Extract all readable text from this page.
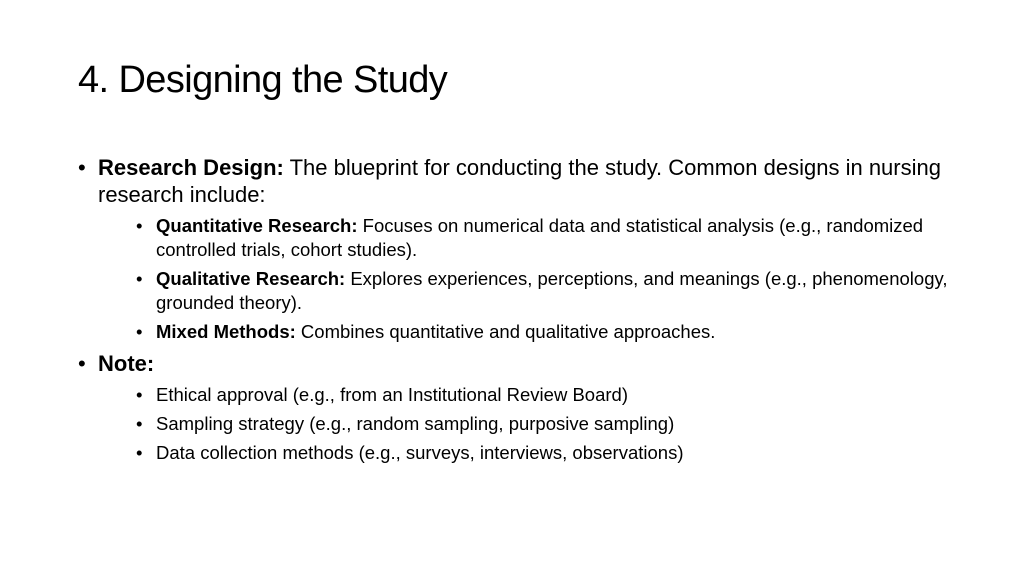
4. Designing the Study
• Research Design: The blueprint for conducting the study. Common designs in nursing research include:
• Quantitative Research: Focuses on numerical data and statistical analysis (e.g., randomized controlled trials, cohort studies).
• Qualitative Research: Explores experiences, perceptions, and meanings (e.g., phenomenology, grounded theory).
• Mixed Methods: Combines quantitative and qualitative approaches.
• Note:
• Ethical approval (e.g., from an Institutional Review Board)
• Sampling strategy (e.g., random sampling, purposive sampling)
• Data collection methods (e.g., surveys, interviews, observations)
